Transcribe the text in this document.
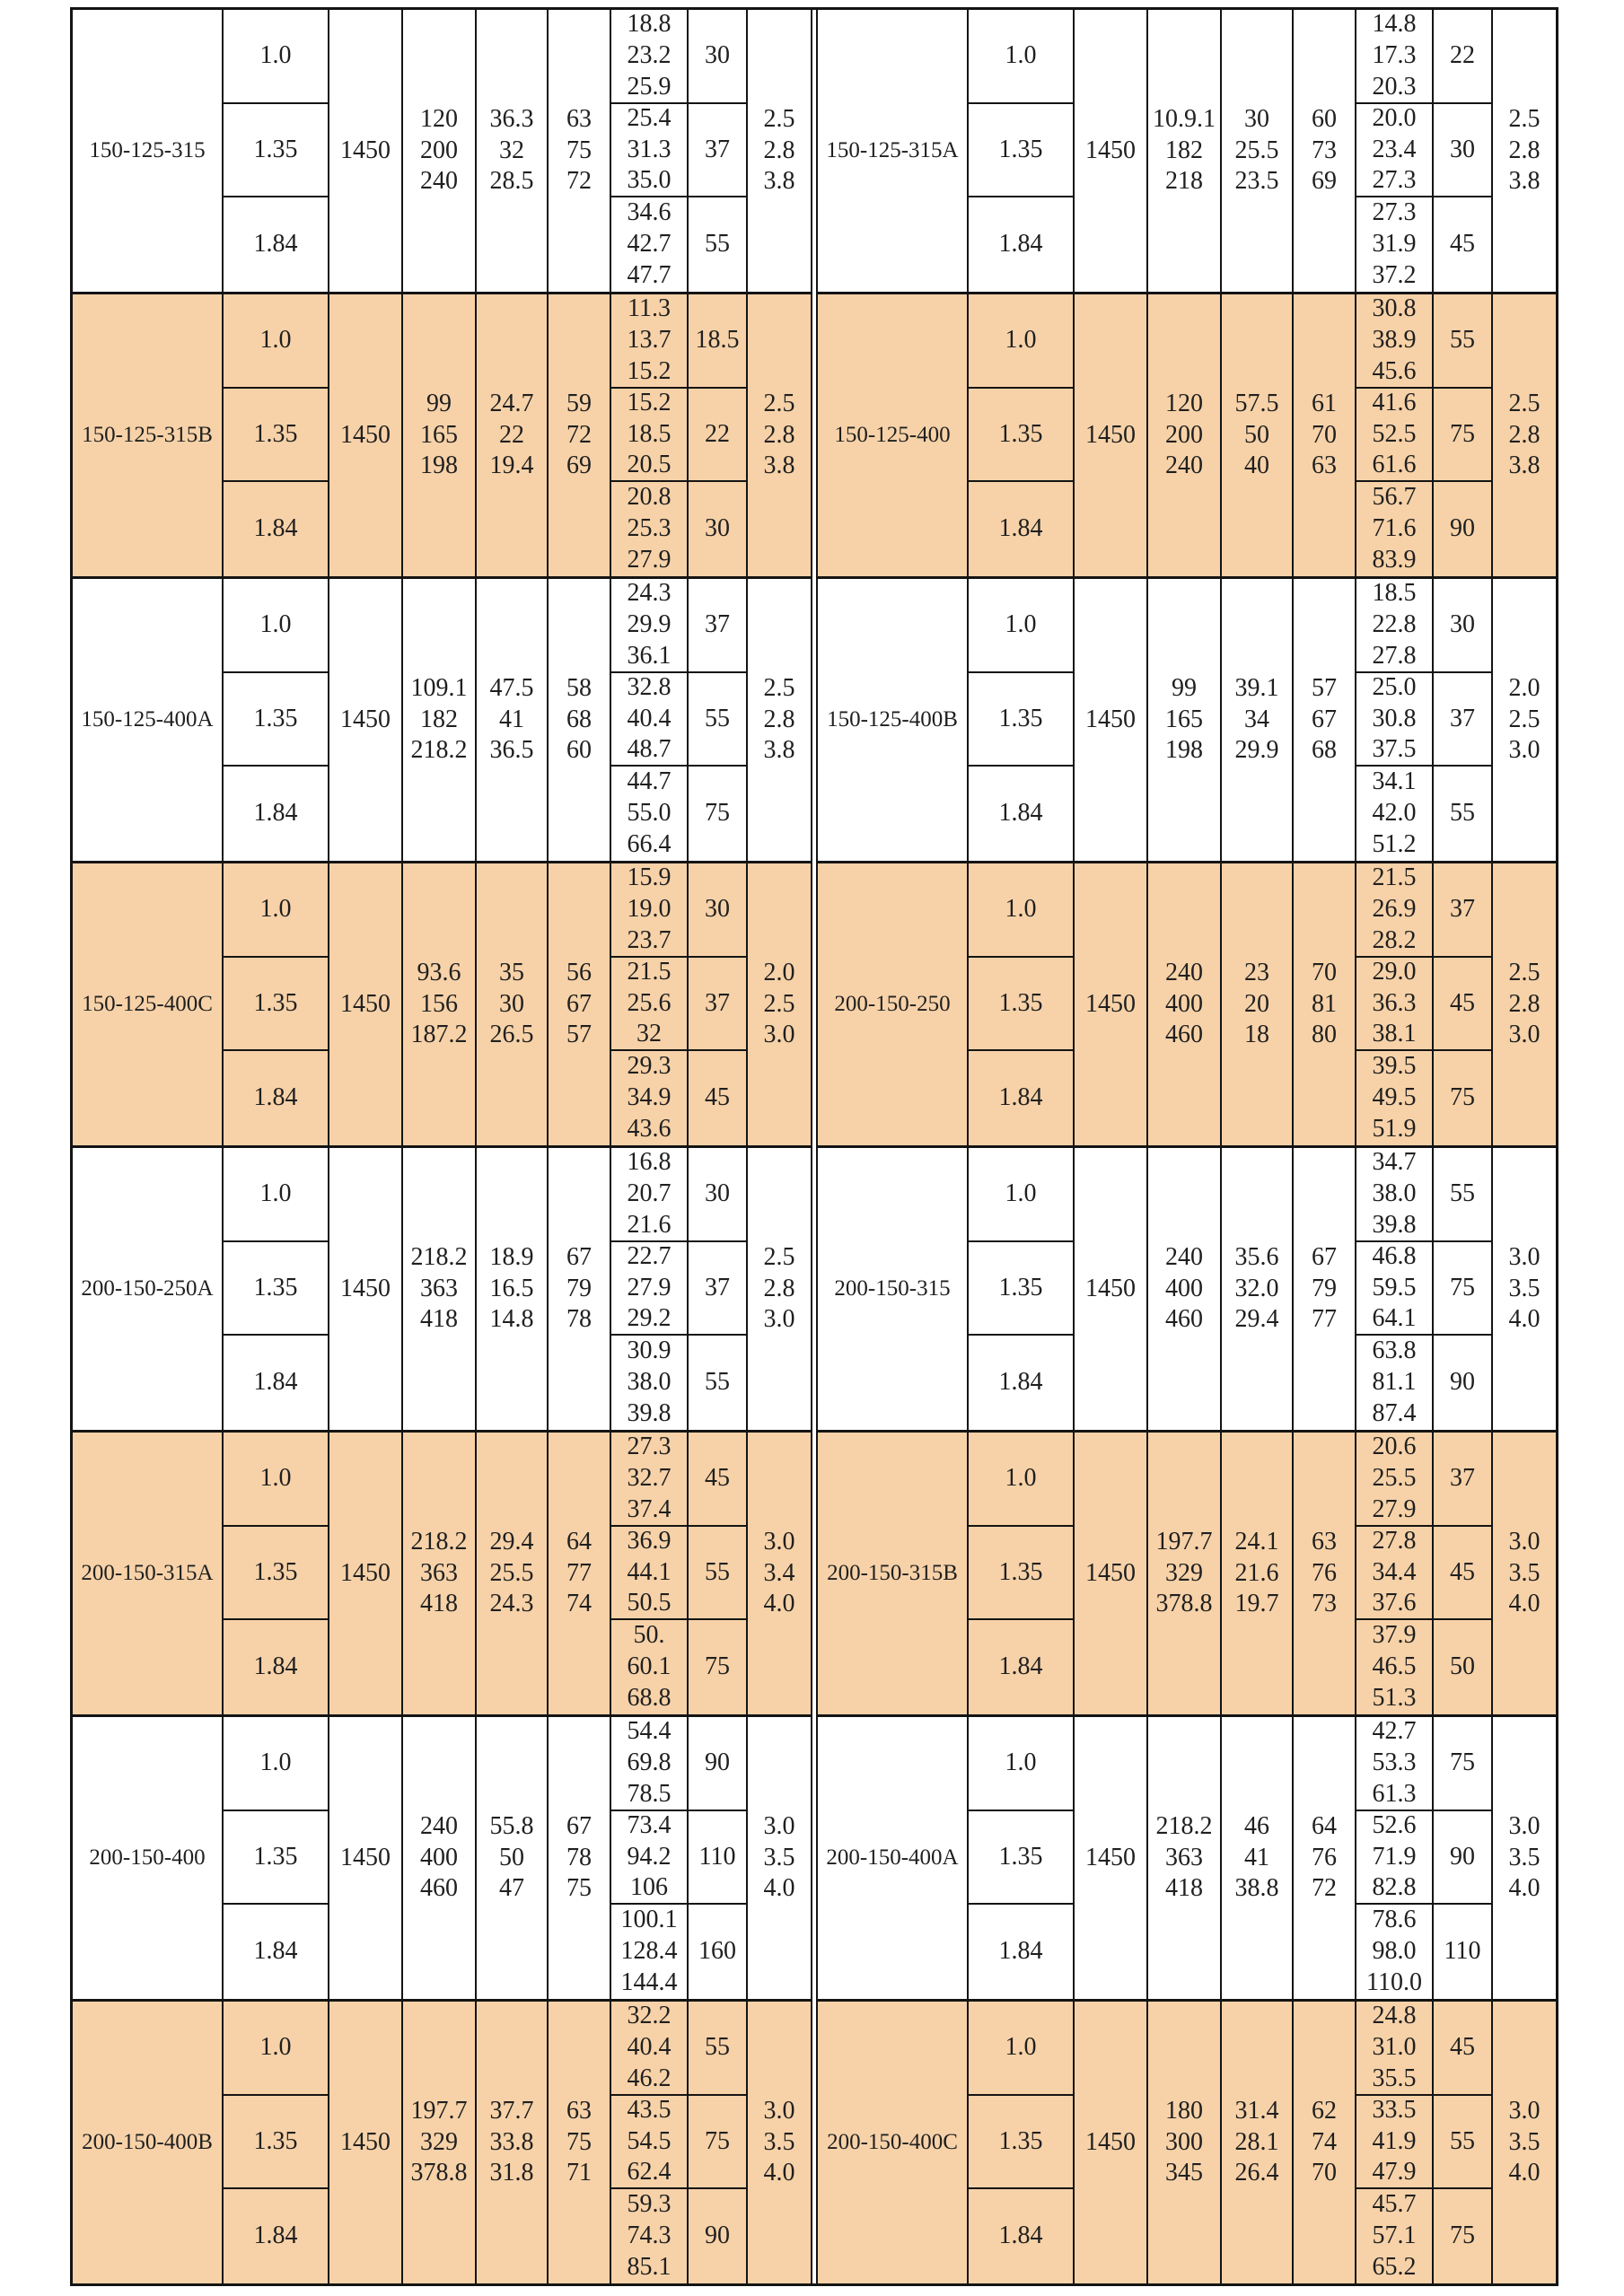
150-125-315
1.0
1.35
1.84
1450
120
200
240
36.3
32
28.5
63
75
72
18.8
23.2
25.9
25.4
31.3
35.0
34.6
42.7
47.7
30
37
55
2.5
2.8
3.8
150-125-315B
1.0
1.35
1.84
1450
99
165
198
24.7
22
19.4
59
72
69
11.3
13.7
15.2
15.2
18.5
20.5
20.8
25.3
27.9
18.5
22
30
2.5
2.8
3.8
150-125-400A
1.0
1.35
1.84
1450
109.1
182
218.2
47.5
41
36.5
58
68
60
24.3
29.9
36.1
32.8
40.4
48.7
44.7
55.0
66.4
37
55
75
2.5
2.8
3.8
150-125-400C
1.0
1.35
1.84
1450
93.6
156
187.2
35
30
26.5
56
67
57
15.9
19.0
23.7
21.5
25.6
32
29.3
34.9
43.6
30
37
45
2.0
2.5
3.0
200-150-250A
1.0
1.35
1.84
1450
218.2
363
418
18.9
16.5
14.8
67
79
78
16.8
20.7
21.6
22.7
27.9
29.2
30.9
38.0
39.8
30
37
55
2.5
2.8
3.0
200-150-315A
1.0
1.35
1.84
1450
218.2
363
418
29.4
25.5
24.3
64
77
74
27.3
32.7
37.4
36.9
44.1
50.5
50.
60.1
68.8
45
55
75
3.0
3.4
4.0
200-150-400
1.0
1.35
1.84
1450
240
400
460
55.8
50
47
67
78
75
54.4
69.8
78.5
73.4
94.2
106
100.1
128.4
144.4
90
110
160
3.0
3.5
4.0
200-150-400B
1.0
1.35
1.84
1450
197.7
329
378.8
37.7
33.8
31.8
63
75
71
32.2
40.4
46.2
43.5
54.5
62.4
59.3
74.3
85.1
55
75
90
3.0
3.5
4.0
150-125-315A
1.0
1.35
1.84
1450
10.9.1
182
218
30
25.5
23.5
60
73
69
14.8
17.3
20.3
20.0
23.4
27.3
27.3
31.9
37.2
22
30
45
2.5
2.8
3.8
150-125-400
1.0
1.35
1.84
1450
120
200
240
57.5
50
40
61
70
63
30.8
38.9
45.6
41.6
52.5
61.6
56.7
71.6
83.9
55
75
90
2.5
2.8
3.8
150-125-400B
1.0
1.35
1.84
1450
99
165
198
39.1
34
29.9
57
67
68
18.5
22.8
27.8
25.0
30.8
37.5
34.1
42.0
51.2
30
37
55
2.0
2.5
3.0
200-150-250
1.0
1.35
1.84
1450
240
400
460
23
20
18
70
81
80
21.5
26.9
28.2
29.0
36.3
38.1
39.5
49.5
51.9
37
45
75
2.5
2.8
3.0
200-150-315
1.0
1.35
1.84
1450
240
400
460
35.6
32.0
29.4
67
79
77
34.7
38.0
39.8
46.8
59.5
64.1
63.8
81.1
87.4
55
75
90
3.0
3.5
4.0
200-150-315B
1.0
1.35
1.84
1450
197.7
329
378.8
24.1
21.6
19.7
63
76
73
20.6
25.5
27.9
27.8
34.4
37.6
37.9
46.5
51.3
37
45
50
3.0
3.5
4.0
200-150-400A
1.0
1.35
1.84
1450
218.2
363
418
46
41
38.8
64
76
72
42.7
53.3
61.3
52.6
71.9
82.8
78.6
98.0
110.0
75
90
110
3.0
3.5
4.0
200-150-400C
1.0
1.35
1.84
1450
180
300
345
31.4
28.1
26.4
62
74
70
24.8
31.0
35.5
33.5
41.9
47.9
45.7
57.1
65.2
45
55
75
3.0
3.5
4.0
